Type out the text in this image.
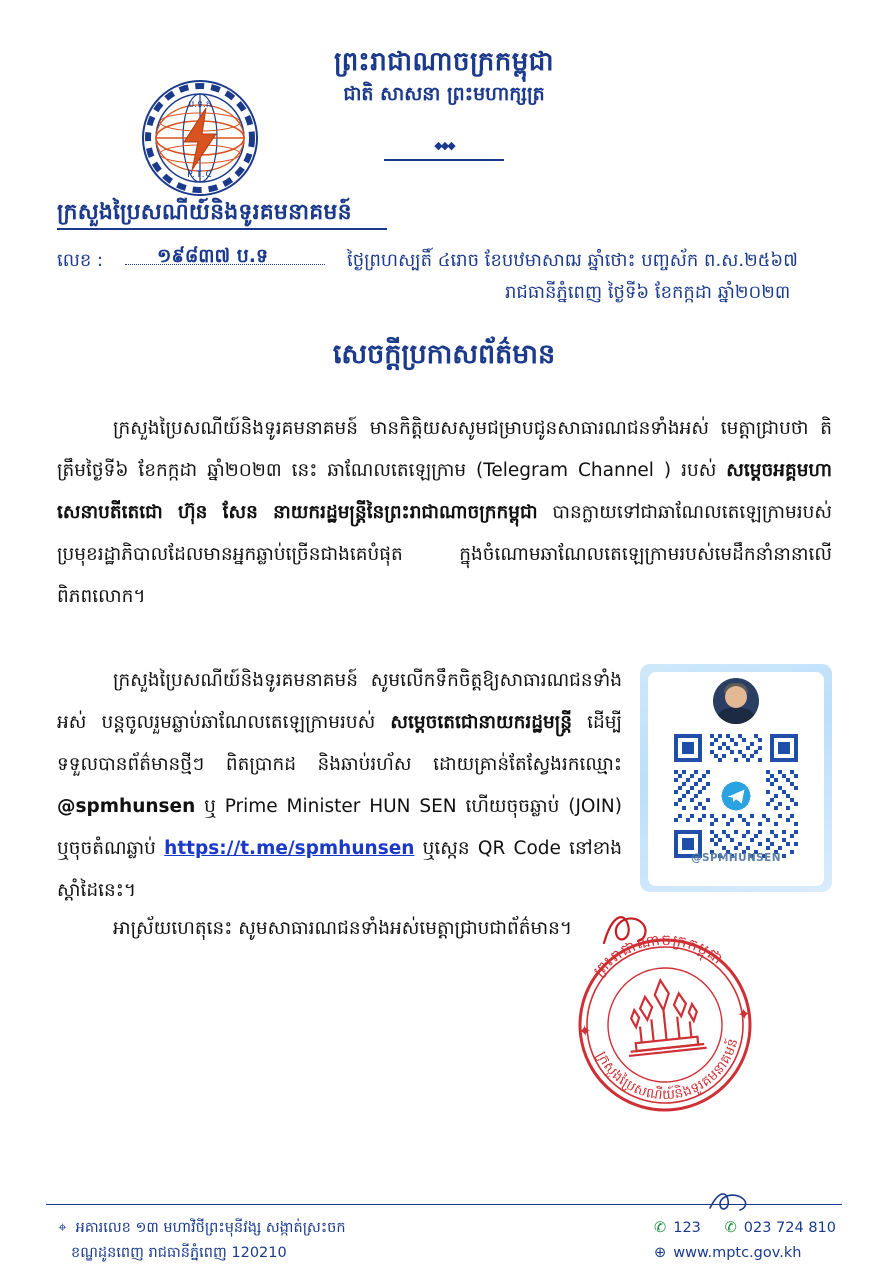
ប.ទ.គ
P.T.C
ព្រះរាជាណាចក្រកម្ពុជា
ជាតិ សាសនា ព្រះមហាក្សត្រ
◆◆◆
ក្រសួងប្រៃសណីយ៍និងទូរគមនាគមន៍
លេខ :	១៩៨៣៧ ប.ទ	ថ្ងៃព្រហស្បតិ៍ ៤រោច ខែបឋមាសាឍ ឆ្នាំថោះ បញ្ចស័ក ព.ស.២៥៦៧
រាជធានីភ្នំពេញ ថ្ងៃទី៦ ខែកក្កដា ឆ្នាំ២០២៣
សេចក្តីប្រកាសព័ត៌មាន

ក្រសួងប្រៃសណីយ៍និងទូរគមនាគមន៍ មានកិត្តិយសសូមជម្រាបជូនសាធារណជនទាំងអស់ មេត្តាជ្រាបថា តិត្រឹមថ្ងៃទី៦ ខែកក្កដា ឆ្នាំ២០២៣ នេះ ឆាណែលតេឡេក្រាម (Telegram Channel ) របស់ សម្ដេចអគ្គមហាសេនាបតីតេជោ ហ៊ុន សែន នាយករដ្ឋមន្ត្រីនៃព្រះរាជាណាចក្រកម្ពុជា បានក្លាយទៅជាឆាណែលតេឡេក្រាមរបស់ប្រមុខរដ្ឋាភិបាលដែលមានអ្នកឆ្លាប់ច្រើនជាងគេបំផុត ក្នុងចំណោមឆាណែលតេឡេក្រាមរបស់មេដឹកនាំនានាលើពិភពលោក។

@SPMHUNSEN

ក្រសួងប្រៃសណីយ៍និងទូរគមនាគមន៍ សូមលើកទឹកចិត្តឱ្យសាធារណជនទាំងអស់ បន្តចូលរួមឆ្លាប់ឆាណែលតេឡេក្រាមរបស់ សម្ដេចតេជោនាយករដ្ឋមន្ត្រី ដើម្បីទទួលបានព័ត៌មានថ្មីៗ ពិតប្រាកដ និងឆាប់រហ័ស ដោយគ្រាន់តែស្វែងរកឈ្មោះ @spmhunsen ឬ Prime Minister HUN SEN ហើយចុចឆ្លាប់ (JOIN) ឬចុចតំណឆ្លាប់ https://t.me/spmhunsen ឬស្កេន QR Code នៅខាងស្ដាំដៃនេះ។

អាស្រ័យហេតុនេះ សូមសាធារណជនទាំងអស់មេត្តាជ្រាបជាព័ត៌មាន។
ព្រះរាជាណាចក្រកម្ពុជា
ក្រសួងប្រៃសណីយ៍និងទូរគមនាគមន៍
✦
✦
⌖ អគារលេខ ១៣ មហាវិថីព្រះមុនីវង្ស សង្កាត់ស្រះចក
ខណ្ឌដូនពេញ រាជធានីភ្នំពេញ 120210
✆ 123 ✆ 023 724 810
⊕ www.mptc.gov.kh
